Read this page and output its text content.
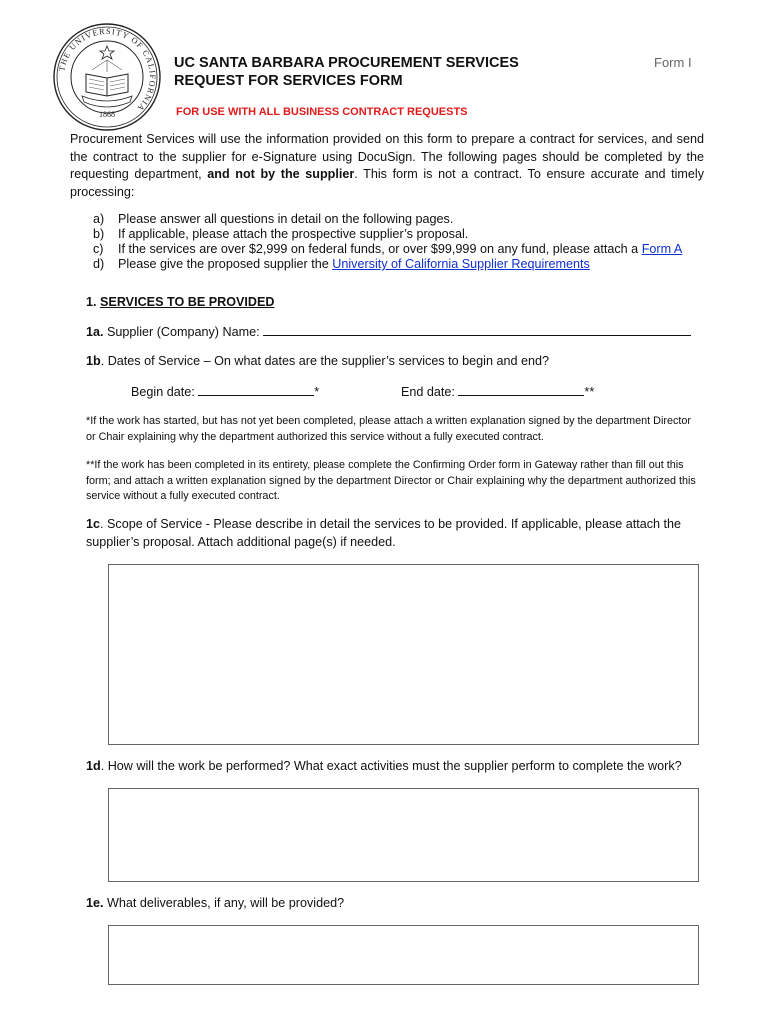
THE UNIVERSITY OF CALIFORNIA
1868
UC SANTA BARBARA PROCUREMENT SERVICES
REQUEST FOR SERVICES FORM
Form I
FOR USE WITH ALL BUSINESS CONTRACT REQUESTS
Procurement Services will use the information provided on this form to prepare a contract for services, and send the contract to the supplier for e-Signature using DocuSign. The following pages should be completed by the requesting department, and not by the supplier. This form is not a contract. To ensure accurate and timely processing:
a)	Please answer all questions in detail on the following pages.
b)	If applicable, please attach the prospective supplier’s proposal.
c)	If the services are over $2,999 on federal funds, or over $99,999 on any fund, please attach a Form A
d)	Please give the proposed supplier the University of California Supplier Requirements
1. SERVICES TO BE PROVIDED
1a. Supplier (Company) Name:
1b. Dates of Service – On what dates are the supplier’s services to begin and end?
Begin date:	*	End date:	**
*If the work has started, but has not yet been completed, please attach a written explanation signed by the department Director or Chair explaining why the department authorized this service without a fully executed contract.
**If the work has been completed in its entirety, please complete the Confirming Order form in Gateway rather than fill out this form; and attach a written explanation signed by the department Director or Chair explaining why the department authorized this service without a fully executed contract.
1c. Scope of Service - Please describe in detail the services to be provided. If applicable, please attach the supplier’s proposal. Attach additional page(s) if needed.
1d. How will the work be performed? What exact activities must the supplier perform to complete the work?
1e. What deliverables, if any, will be provided?
